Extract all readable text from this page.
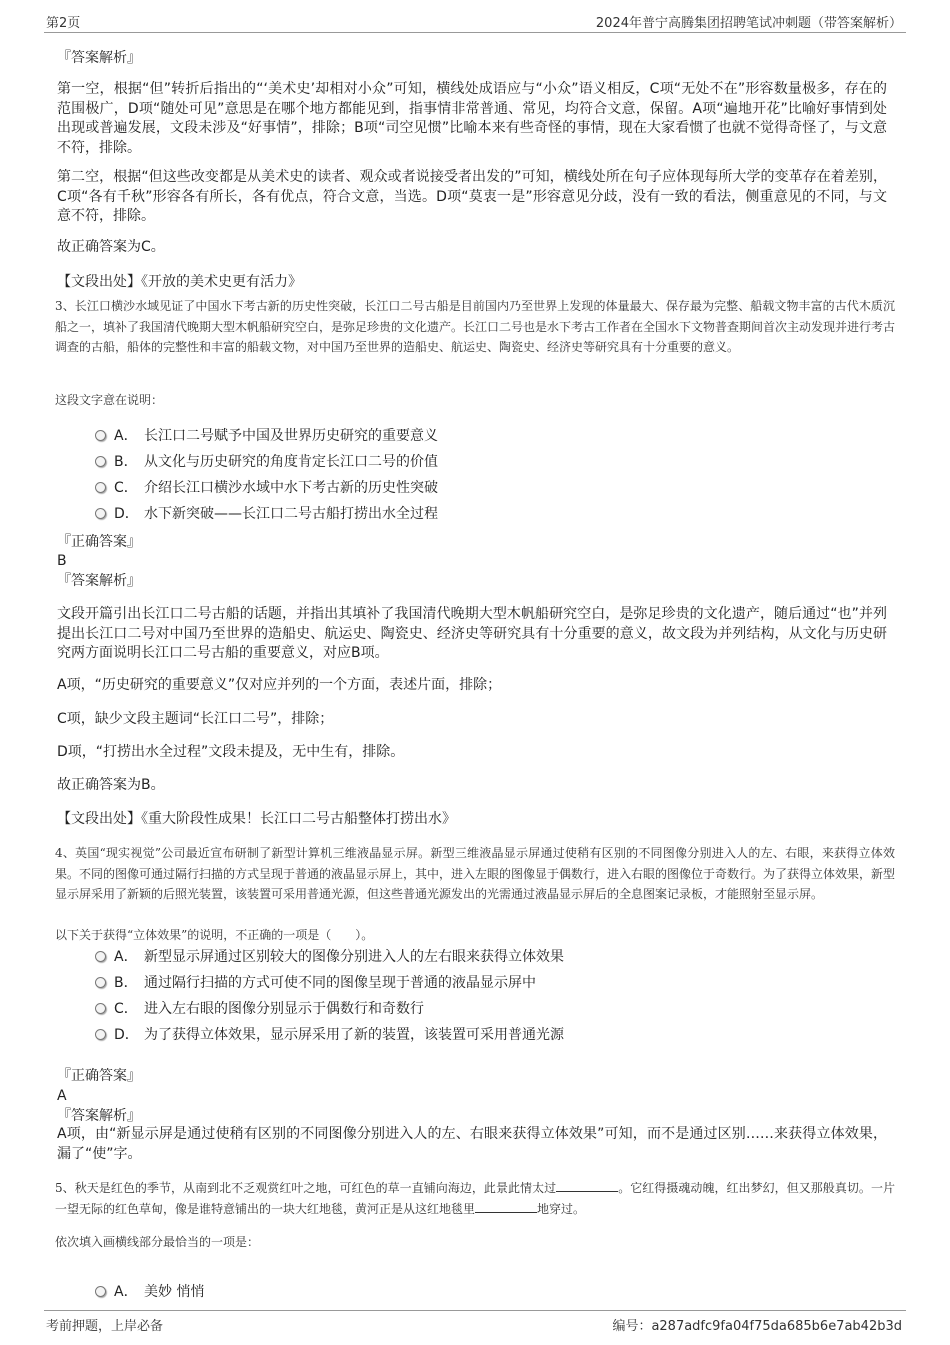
第2页	2024年普宁高腾集团招聘笔试冲刺题（带答案解析）
『答案解析』
第一空，根据“但”转折后指出的“‘美术史’却相对小众”可知，横线处成语应与“小众”语义相反，C项“无处不在”形容数量极多，存在的范围极广，D项“随处可见”意思是在哪个地方都能见到，指事情非常普通、常见，均符合文意，保留。A项“遍地开花”比喻好事情到处出现或普遍发展，文段未涉及“好事情”，排除；B项“司空见惯”比喻本来有些奇怪的事情，现在大家看惯了也就不觉得奇怪了，与文意不符，排除。
第二空，根据“但这些改变都是从美术史的读者、观众或者说接受者出发的”可知，横线处所在句子应体现每所大学的变革存在着差别，C项“各有千秋”形容各有所长，各有优点，符合文意，当选。D项“莫衷一是”形容意见分歧，没有一致的看法，侧重意见的不同，与文意不符，排除。
故正确答案为C。
【文段出处】《开放的美术史更有活力》
3、长江口横沙水域见证了中国水下考古新的历史性突破，长江口二号古船是目前国内乃至世界上发现的体量最大、保存最为完整、船载文物丰富的古代木质沉船之一，填补了我国清代晚期大型木帆船研究空白，是弥足珍贵的文化遗产。长江口二号也是水下考古工作者在全国水下文物普查期间首次主动发现并进行考古调查的古船，船体的完整性和丰富的船载文物，对中国乃至世界的造船史、航运史、陶瓷史、经济史等研究具有十分重要的意义。
这段文字意在说明：
A． 长江口二号赋予中国及世界历史研究的重要意义
B． 从文化与历史研究的角度肯定长江口二号的价值
C． 介绍长江口横沙水域中水下考古新的历史性突破
D． 水下新突破——长江口二号古船打捞出水全过程
『正确答案』
B
『答案解析』
文段开篇引出长江口二号古船的话题，并指出其填补了我国清代晚期大型木帆船研究空白，是弥足珍贵的文化遗产，随后通过“也”并列提出长江口二号对中国乃至世界的造船史、航运史、陶瓷史、经济史等研究具有十分重要的意义，故文段为并列结构，从文化与历史研究两方面说明长江口二号古船的重要意义，对应B项。
A项，“历史研究的重要意义”仅对应并列的一个方面，表述片面，排除；
C项，缺少文段主题词“长江口二号”，排除；
D项，“打捞出水全过程”文段未提及，无中生有，排除。
故正确答案为B。
【文段出处】《重大阶段性成果！长江口二号古船整体打捞出水》
4、英国“现实视觉”公司最近宣布研制了新型计算机三维液晶显示屏。新型三维液晶显示屏通过使稍有区别的不同图像分别进入人的左、右眼，来获得立体效果。不同的图像可通过隔行扫描的方式呈现于普通的液晶显示屏上，其中，进入左眼的图像显于偶数行，进入右眼的图像位于奇数行。为了获得立体效果，新型显示屏采用了新颖的后照光装置，该装置可采用普通光源，但这些普通光源发出的光需通过液晶显示屏后的全息图案记录板，才能照射至显示屏。
以下关于获得“立体效果”的说明，不正确的一项是（　　）。
A． 新型显示屏通过区别较大的图像分别进入人的左右眼来获得立体效果
B． 通过隔行扫描的方式可使不同的图像呈现于普通的液晶显示屏中
C． 进入左右眼的图像分别显示于偶数行和奇数行
D． 为了获得立体效果，显示屏采用了新的装置，该装置可采用普通光源
『正确答案』
A
『答案解析』
A项，由“新显示屏是通过使稍有区别的不同图像分别进入人的左、右眼来获得立体效果”可知，而不是通过区别……来获得立体效果，漏了“使”字。
5、秋天是红色的季节，从南到北不乏观赏红叶之地，可红色的草一直铺向海边，此景此情太过	。它红得摄魂动魄，红出梦幻，但又那般真切。一片一望无际的红色草甸，像是谁特意铺出的一块大红地毯，黄河正是从这红地毯里	地穿过。
依次填入画横线部分最恰当的一项是：
A． 美妙 悄悄
考前押题，上岸必备	编号：a287adfc9fa04f75da685b6e7ab42b3d
